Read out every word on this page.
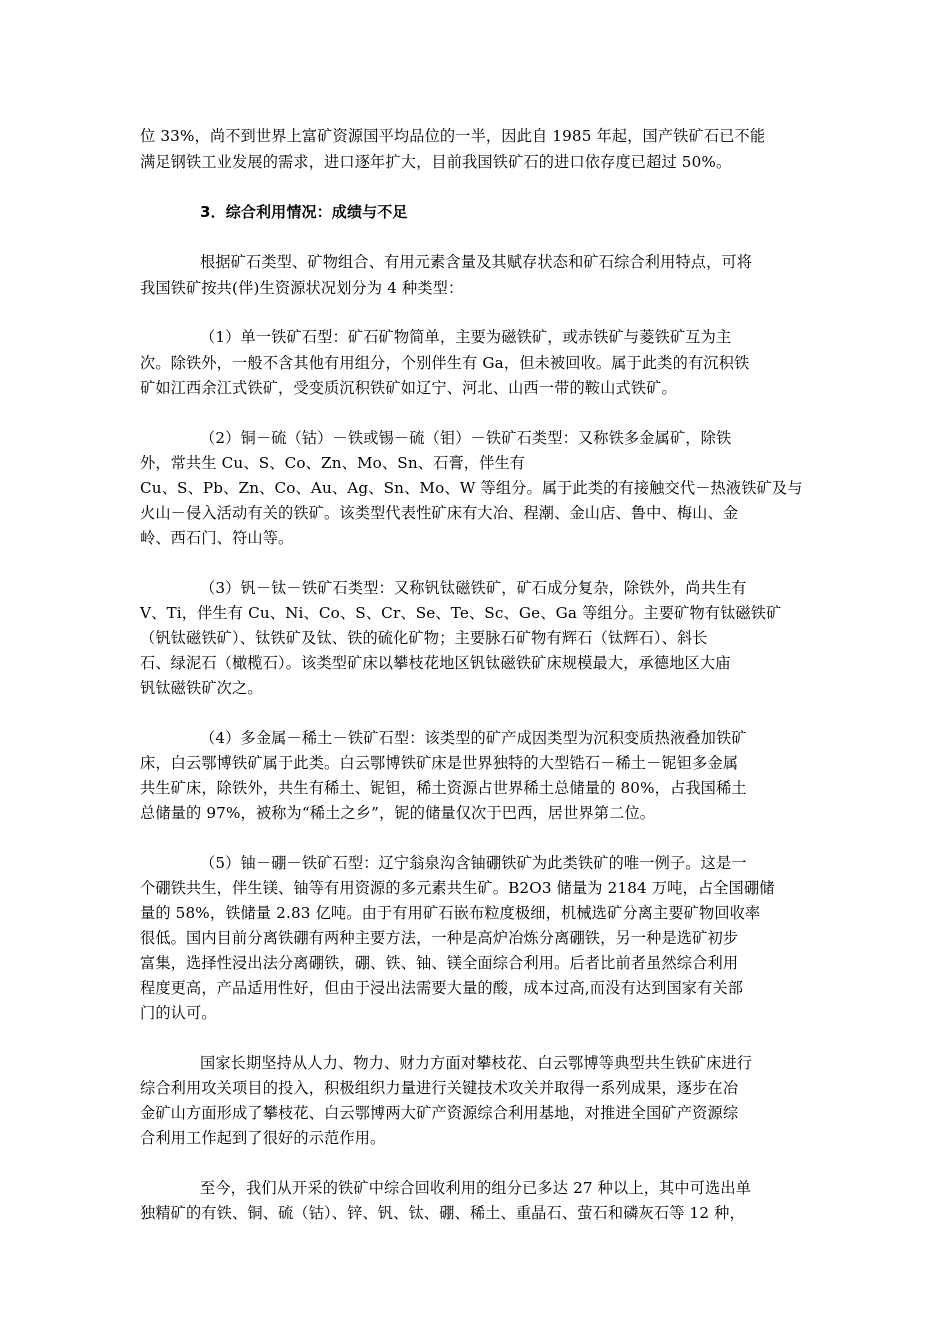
位 33%，尚不到世界上富矿资源国平均品位的一半，因此自 1985 年起，国产铁矿石已不能
满足钢铁工业发展的需求，进口逐年扩大，目前我国铁矿石的进口依存度已超过 50%。
3．综合利用情况：成绩与不足
根据矿石类型、矿物组合、有用元素含量及其赋存状态和矿石综合利用特点，可将
我国铁矿按共(伴)生资源状况划分为 4 种类型：
（1）单一铁矿石型：矿石矿物简单，主要为磁铁矿，或赤铁矿与菱铁矿互为主
次。除铁外，一般不含其他有用组分，个别伴生有 Ga，但未被回收。属于此类的有沉积铁
矿如江西余江式铁矿，受变质沉积铁矿如辽宁、河北、山西一带的鞍山式铁矿。
（2）铜－硫（钴）－铁或锡－硫（钼）－铁矿石类型：又称铁多金属矿，除铁
外，常共生 Cu、S、Co、Zn、Mo、Sn、石膏，伴生有
Cu、S、Pb、Zn、Co、Au、Ag、Sn、Mo、W 等组分。属于此类的有接触交代－热液铁矿及与
火山－侵入活动有关的铁矿。该类型代表性矿床有大冶、程潮、金山店、鲁中、梅山、金
岭、西石门、符山等。
（3）钒－钛－铁矿石类型：又称钒钛磁铁矿，矿石成分复杂，除铁外，尚共生有
V、Ti，伴生有 Cu、Ni、Co、S、Cr、Se、Te、Sc、Ge、Ga 等组分。主要矿物有钛磁铁矿
（钒钛磁铁矿）、钛铁矿及钛、铁的硫化矿物；主要脉石矿物有辉石（钛辉石）、斜长
石、绿泥石（橄榄石）。该类型矿床以攀枝花地区钒钛磁铁矿床规模最大，承德地区大庙
钒钛磁铁矿次之。
（4）多金属－稀土－铁矿石型：该类型的矿产成因类型为沉积变质热液叠加铁矿
床，白云鄂博铁矿属于此类。白云鄂博铁矿床是世界独特的大型锆石－稀土－铌钽多金属
共生矿床，除铁外，共生有稀土、铌钽，稀土资源占世界稀土总储量的 80%，占我国稀土
总储量的 97%，被称为“稀土之乡”，铌的储量仅次于巴西，居世界第二位。
（5）铀－硼－铁矿石型：辽宁翁泉沟含铀硼铁矿为此类铁矿的唯一例子。这是一
个硼铁共生，伴生镁、铀等有用资源的多元素共生矿。B2O3 储量为 2184 万吨，占全国硼储
量的 58%，铁储量 2.83 亿吨。由于有用矿石嵌布粒度极细，机械选矿分离主要矿物回收率
很低。国内目前分离铁硼有两种主要方法，一种是高炉冶炼分离硼铁，另一种是选矿初步
富集，选择性浸出法分离硼铁，硼、铁、铀、镁全面综合利用。后者比前者虽然综合利用
程度更高，产品适用性好，但由于浸出法需要大量的酸，成本过高,而没有达到国家有关部
门的认可。
国家长期坚持从人力、物力、财力方面对攀枝花、白云鄂博等典型共生铁矿床进行
综合利用攻关项目的投入，积极组织力量进行关键技术攻关并取得一系列成果，逐步在冶
金矿山方面形成了攀枝花、白云鄂博两大矿产资源综合利用基地，对推进全国矿产资源综
合利用工作起到了很好的示范作用。
至今，我们从开采的铁矿中综合回收利用的组分已多达 27 种以上，其中可选出单
独精矿的有铁、铜、硫（钴）、锌、钒、钛、硼、稀土、重晶石、萤石和磷灰石等 12 种，
